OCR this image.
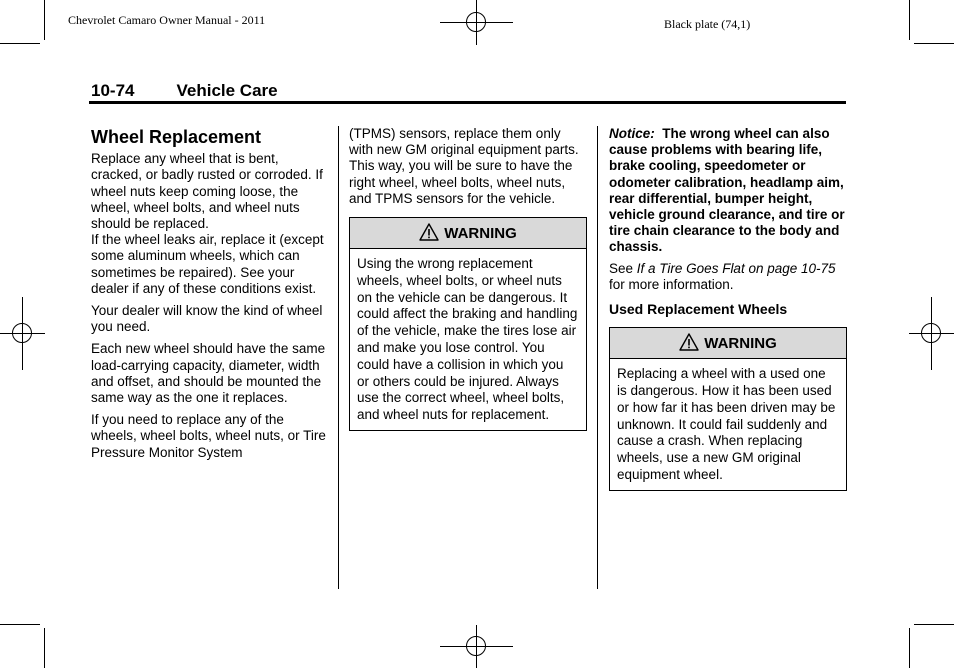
Chevrolet Camaro Owner Manual - 2011	Black plate (74,1)
10-74 Vehicle Care
Wheel Replacement

Replace any wheel that is bent, cracked, or badly rusted or corroded. If wheel nuts keep coming loose, the wheel, wheel bolts, and wheel nuts should be replaced.

If the wheel leaks air, replace it (except some aluminum wheels, which can sometimes be repaired). See your dealer if any of these conditions exist.

Your dealer will know the kind of wheel you need.

Each new wheel should have the same load-carrying capacity, diameter, width and offset, and should be mounted the same way as the one it replaces.

If you need to replace any of the wheels, wheel bolts, wheel nuts, or Tire Pressure Monitor System

(TPMS) sensors, replace them only with new GM original equipment parts. This way, you will be sure to have the right wheel, wheel bolts, wheel nuts, and TPMS sensors for the vehicle.

WARNING
Using the wrong replacement wheels, wheel bolts, or wheel nuts on the vehicle can be dangerous. It could affect the braking and handling of the vehicle, make the tires lose air and make you lose control. You could have a collision in which you or others could be injured. Always use the correct wheel, wheel bolts, and wheel nuts for replacement.

Notice: The wrong wheel can also cause problems with bearing life, brake cooling, speedometer or odometer calibration, headlamp aim, rear differential, bumper height, vehicle ground clearance, and tire or tire chain clearance to the body and chassis.

See If a Tire Goes Flat on page 10-75 for more information.

Used Replacement Wheels
WARNING
Replacing a wheel with a used one is dangerous. How it has been used or how far it has been driven may be unknown. It could fail suddenly and cause a crash. When replacing wheels, use a new GM original equipment wheel.
